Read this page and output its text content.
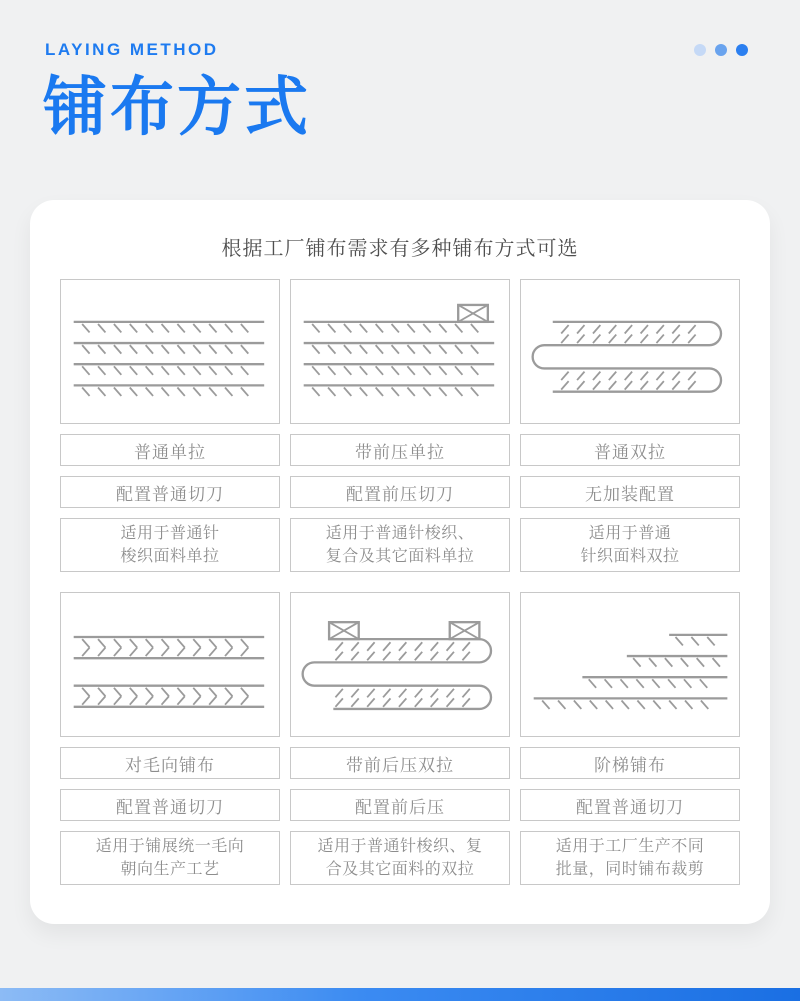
LAYING METHOD
铺布方式
根据工厂铺布需求有多种铺布方式可选
普通单拉
配置普通切刀
适用于普通针
梭织面料单拉
带前压单拉
配置前压切刀
适用于普通针梭织、
复合及其它面料单拉
普通双拉
无加装配置
适用于普通
针织面料双拉
对毛向铺布
配置普通切刀
适用于铺展统一毛向
朝向生产工艺
带前后压双拉
配置前后压
适用于普通针梭织、复
合及其它面料的双拉
阶梯铺布
配置普通切刀
适用于工厂生产不同
批量，同时铺布裁剪
